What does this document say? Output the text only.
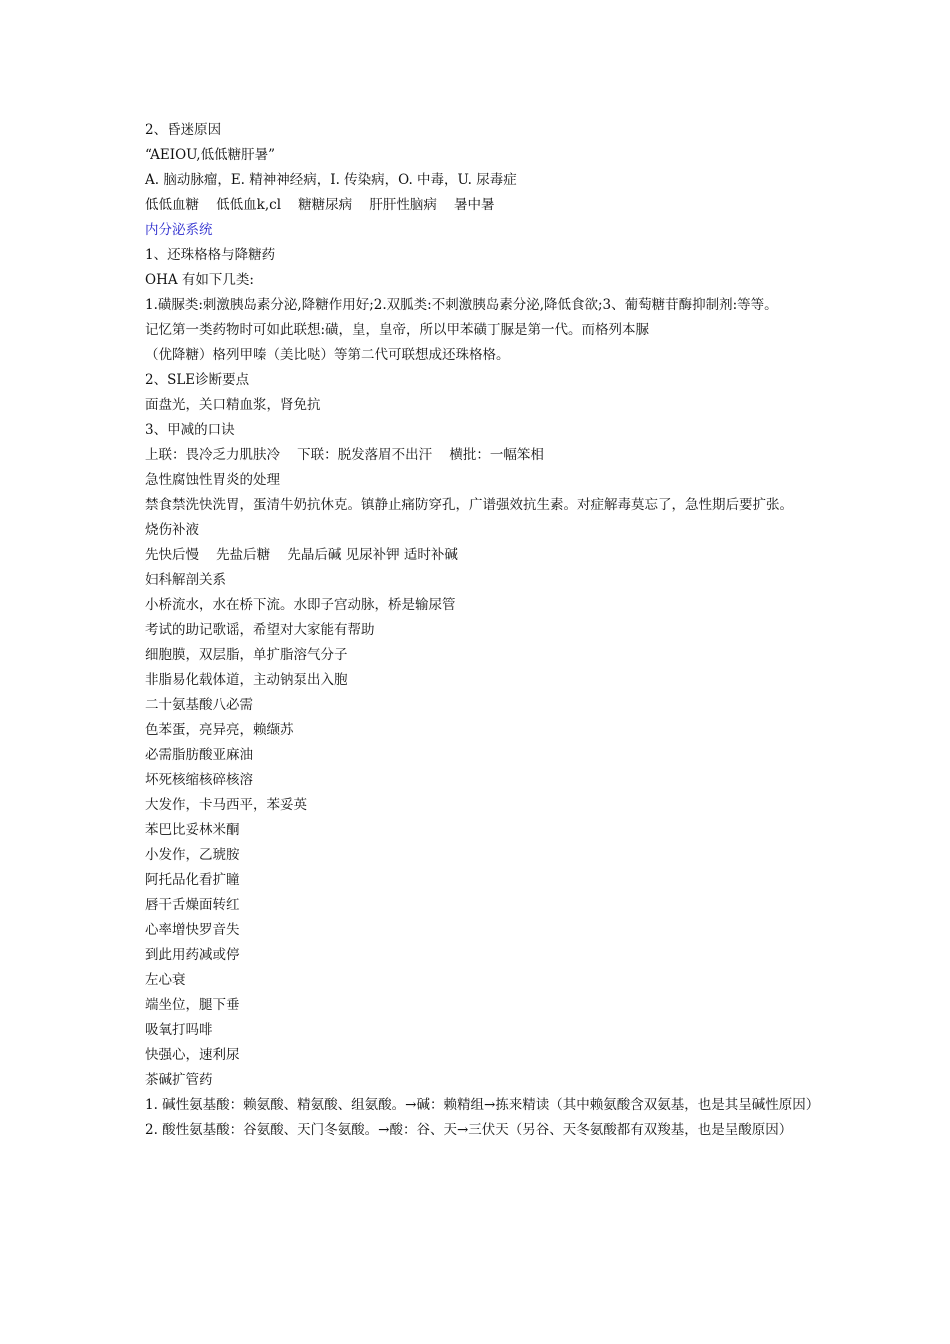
2、昏迷原因
“AEIOU,低低糖肝暑”
A. 脑动脉瘤，E. 精神神经病，I. 传染病，O. 中毒，U. 尿毒症
低低血糖    低低血k,cl    糖糖尿病    肝肝性脑病    暑中暑
内分泌系统
1、还珠格格与降糖药
OHA 有如下几类:
1.磺脲类:刺激胰岛素分泌,降糖作用好;2.双胍类:不刺激胰岛素分泌,降低食欲;3、葡萄糖苷酶抑制剂:等等。
记忆第一类药物时可如此联想:磺，皇，皇帝，所以甲苯磺丁脲是第一代。而格列本脲
（优降糖）格列甲嗪（美比哒）等第二代可联想成还珠格格。
2、SLE诊断要点
面盘光，关口精血浆，肾免抗
3、甲减的口诀
上联：畏冷乏力肌肤冷    下联：脱发落眉不出汗    横批：一幅笨相
急性腐蚀性胃炎的处理
禁食禁洗快洗胃，蛋清牛奶抗休克。镇静止痛防穿孔，广谱强效抗生素。对症解毒莫忘了，急性期后要扩张。
烧伤补液
先快后慢    先盐后糖    先晶后碱 见尿补钾 适时补碱
妇科解剖关系
小桥流水，水在桥下流。水即子宫动脉，桥是输尿管
考试的助记歌谣，希望对大家能有帮助
细胞膜，双层脂，单扩脂溶气分子
非脂易化载体道，主动钠泵出入胞
二十氨基酸八必需
色苯蛋，亮异亮，赖缬苏
必需脂肪酸亚麻油
坏死核缩核碎核溶
大发作，卡马西平，苯妥英
苯巴比妥林米酮
小发作，乙琥胺
阿托品化看扩瞳
唇干舌燥面转红
心率增快罗音失
到此用药减或停
左心衰
端坐位，腿下垂
吸氧打吗啡
快强心，速利尿
茶碱扩管药
1. 碱性氨基酸：赖氨酸、精氨酸、组氨酸。→碱：赖精组→拣来精读（其中赖氨酸含双氨基，也是其呈碱性原因）
2. 酸性氨基酸：谷氨酸、天门冬氨酸。→酸：谷、天→三伏天（另谷、天冬氨酸都有双羧基，也是呈酸原因）
